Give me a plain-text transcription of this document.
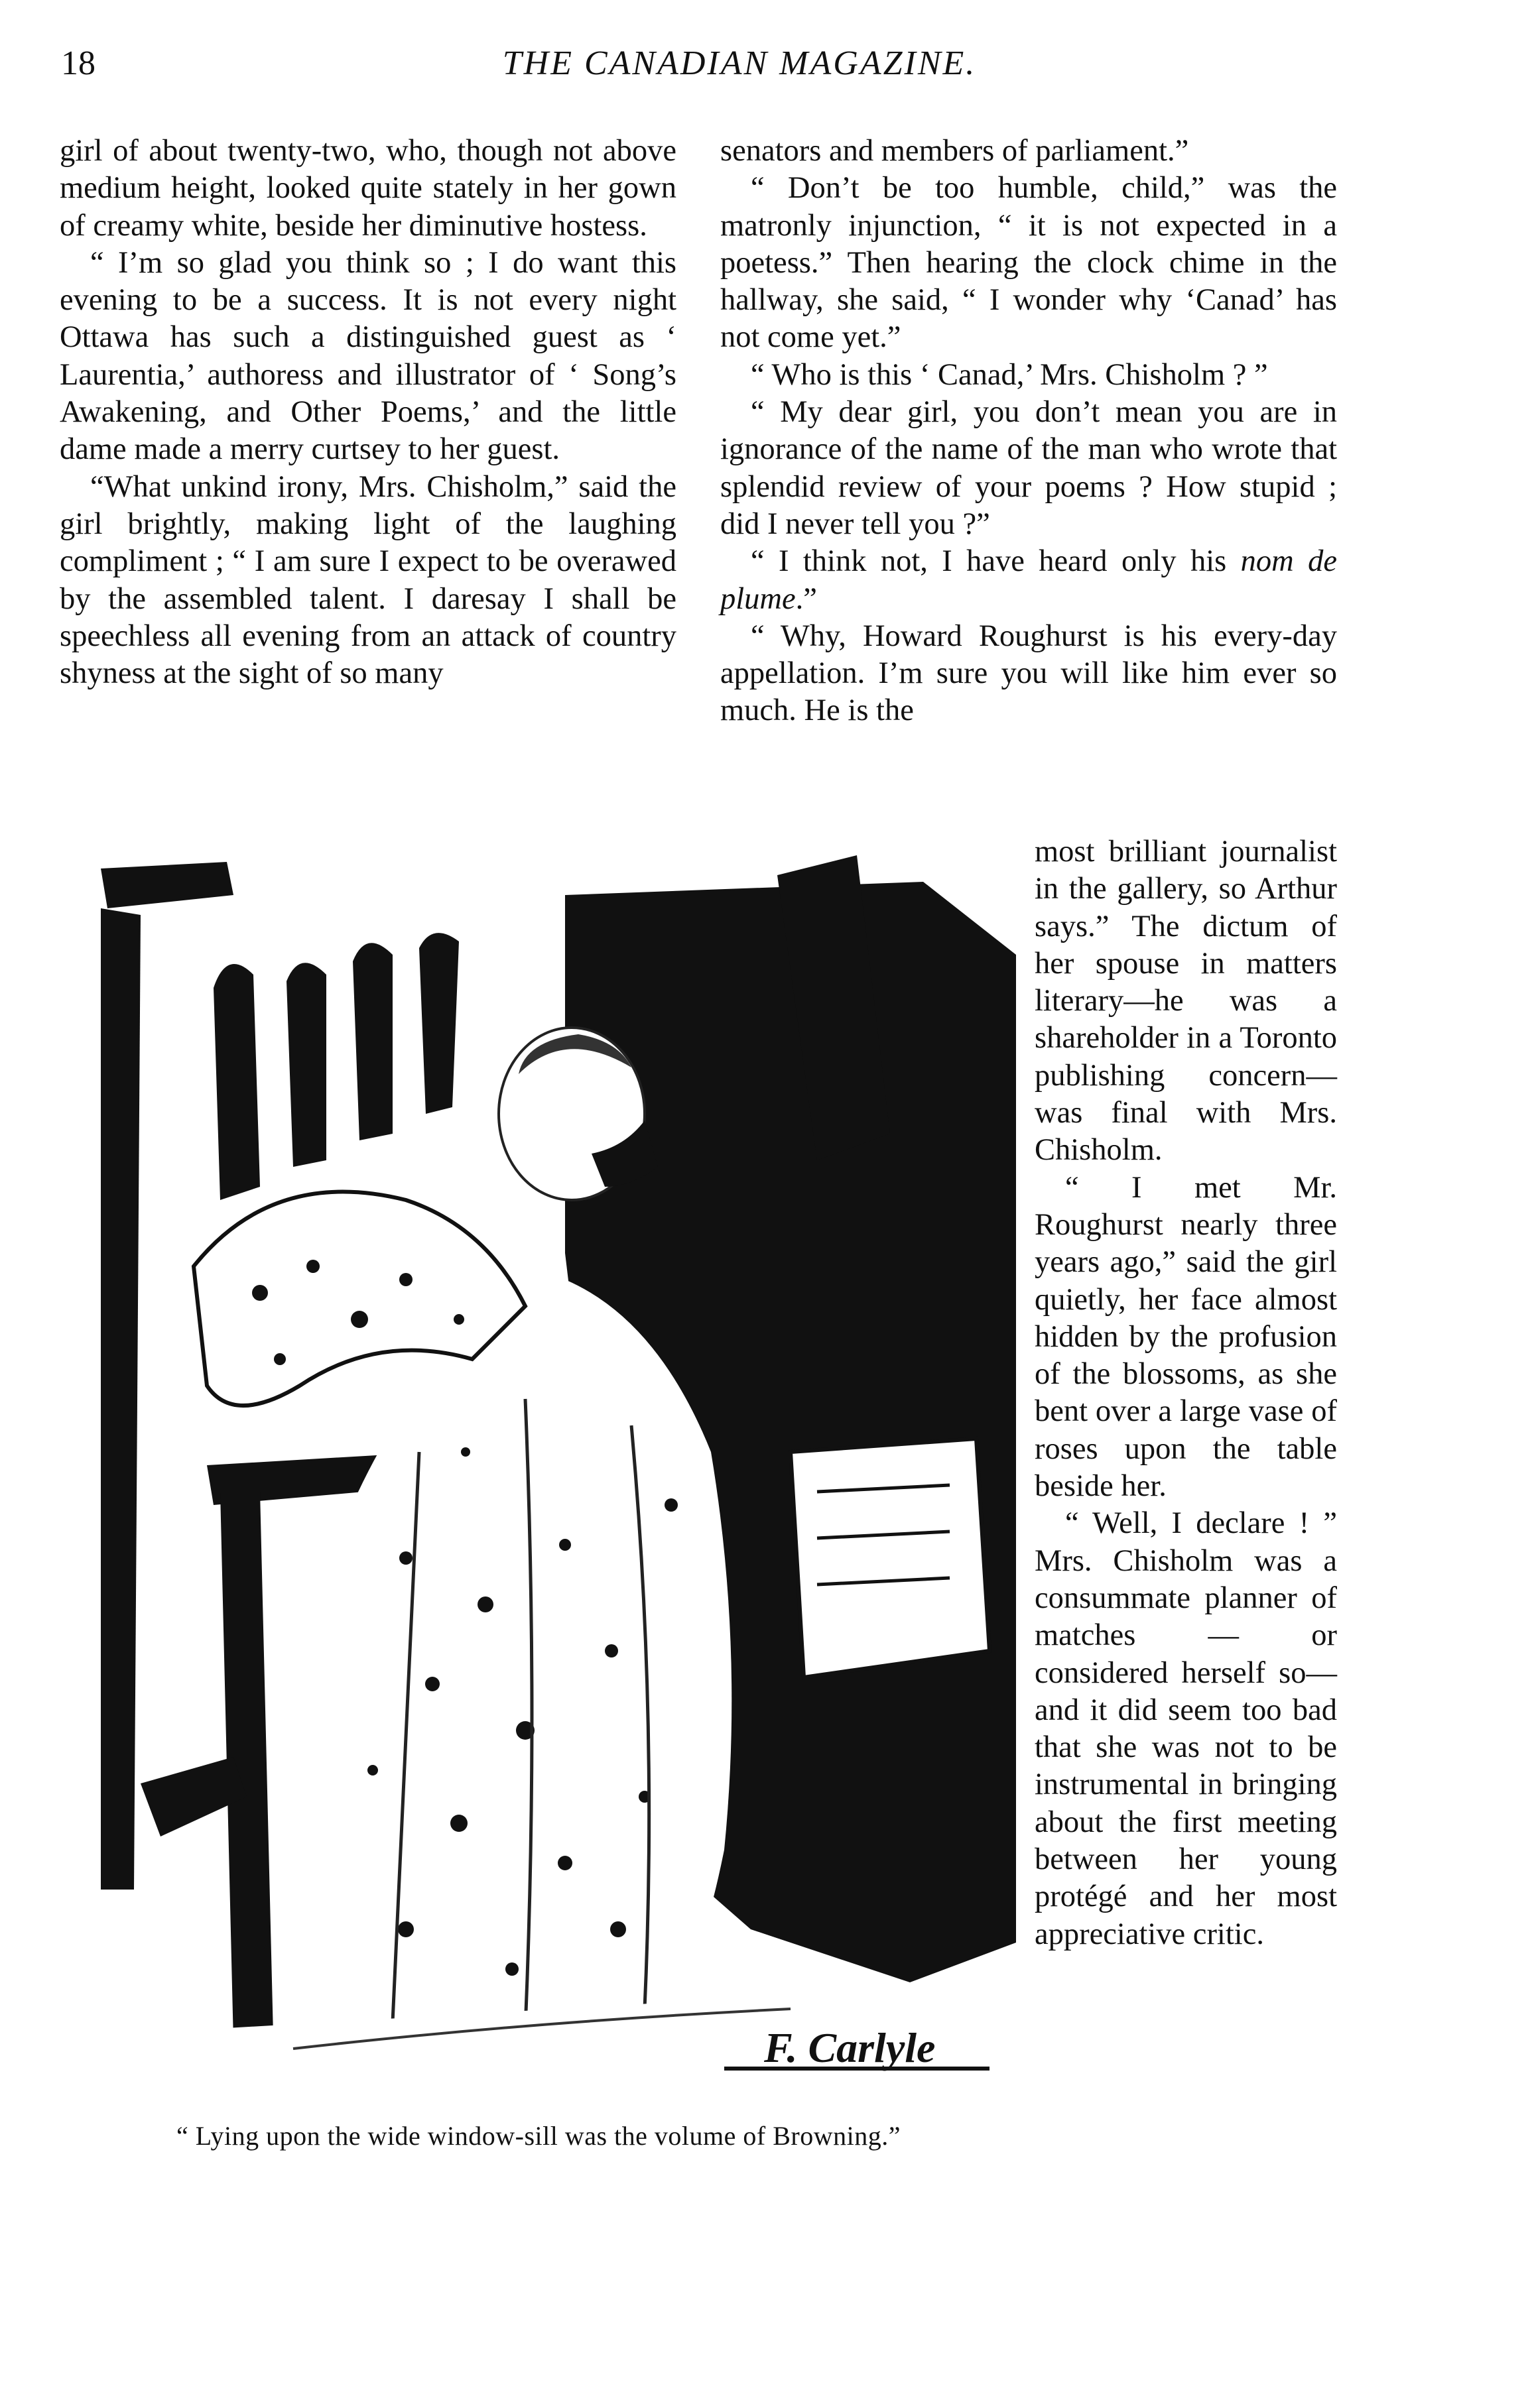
18	THE CANADIAN MAGAZINE.

girl of about twenty-two, who, though not above medium height, looked quite stately in her gown of creamy white, beside her diminutive hostess.

“ I’m so glad you think so ; I do want this evening to be a success. It is not every night Ottawa has such a distinguished guest as ‘ Laurentia,’ authoress and illustrator of ‘ Song’s Awakening, and Other Poems,’ and the little dame made a merry curtsey to her guest.

“What unkind irony, Mrs. Chisholm,” said the girl brightly, making light of the laughing compliment ; “ I am sure I expect to be overawed by the assembled talent. I daresay I shall be speechless all evening from an attack of country shyness at the sight of so many

senators and members of parliament.”

“ Don’t be too humble, child,” was the matronly injunction, “ it is not expected in a poetess.” Then hearing the clock chime in the hallway, she said, “ I wonder why ‘Canad’ has not come yet.”

“ Who is this ‘ Canad,’ Mrs. Chisholm ? ”

“ My dear girl, you don’t mean you are in ignorance of the name of the man who wrote that splendid review of your poems ? How stupid ; did I never tell you ?”

“ I think not, I have heard only his nom de plume.”

“ Why, Howard Roughurst is his every-day appellation. I’m sure you will like him ever so much. He is the

most brilliant journalist in the gallery, so Arthur says.” The dictum of her spouse in matters literary—he was a shareholder in a Toronto publishing concern—was final with Mrs. Chisholm.

“ I met Mr. Roughurst nearly three years ago,” said the girl quietly, her face almost hidden by the profusion of the blossoms, as she bent over a large vase of roses upon the table beside her.

“ Well, I declare ! ” Mrs. Chisholm was a consummate planner of matches — or considered herself so— and it did seem too bad that she was not to be instrumental in bringing about the first meeting between her young protégé and her most appreciative critic.

F. Carlyle
“ Lying upon the wide window-sill was the volume of Browning.”
